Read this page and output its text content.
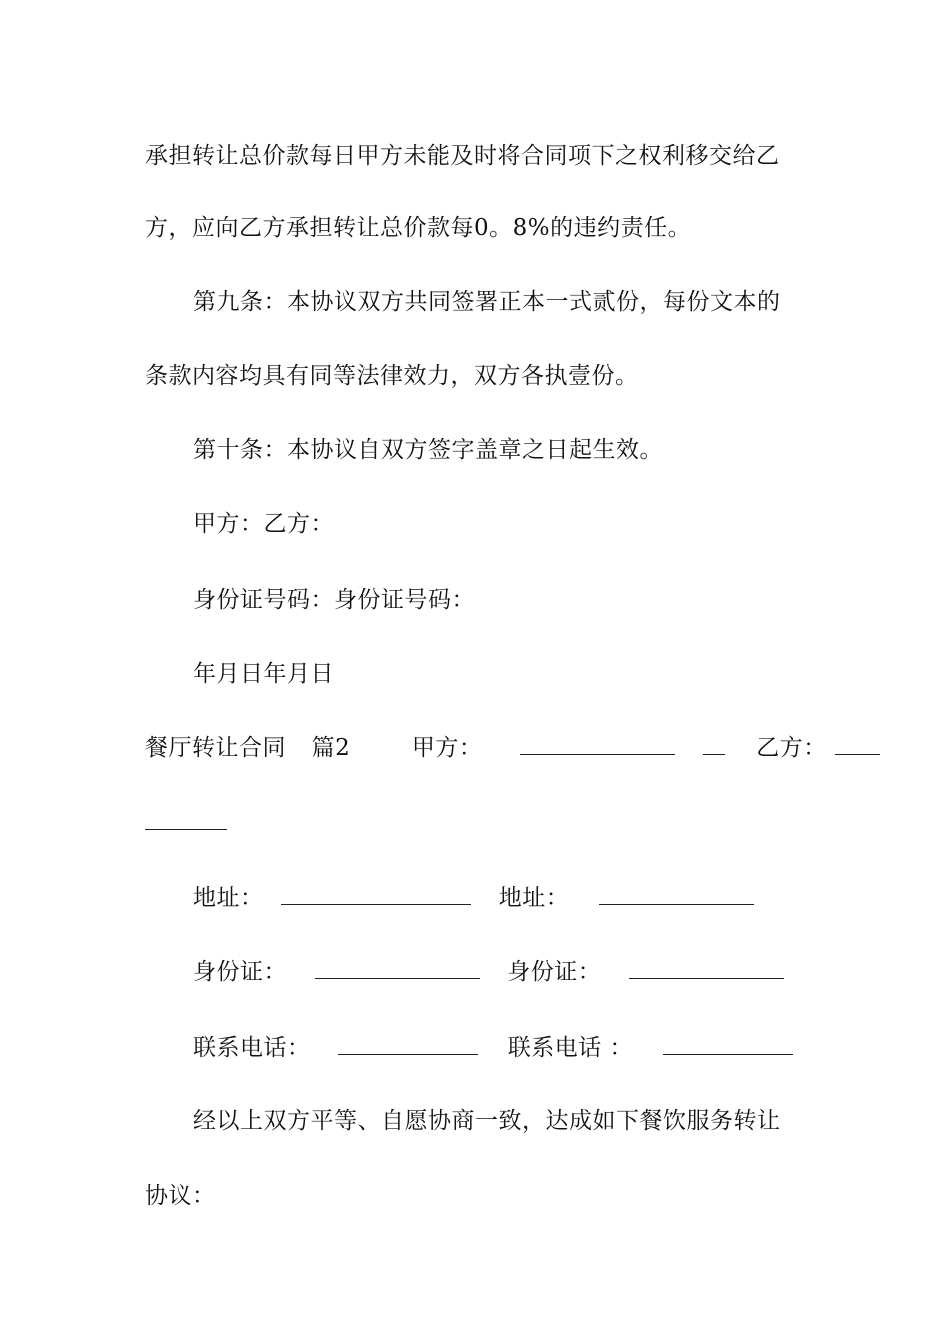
承担转让总价款每日甲方未能及时将合同项下之权利移交给乙
方，应向乙方承担转让总价款每0。8%的违约责任。
第九条：本协议双方共同签署正本一式贰份，每份文本的
条款内容均具有同等法律效力，双方各执壹份。
第十条：本协议自双方签字盖章之日起生效。
甲方：乙方：
身份证号码：身份证号码：
年月日年月日
餐厅转让合同 篇2	甲方：	乙方：
地址：	地址：
身份证：	身份证：
联系电话：	联系电话 ：
经以上双方平等、自愿协商一致，达成如下餐饮服务转让
协议：
